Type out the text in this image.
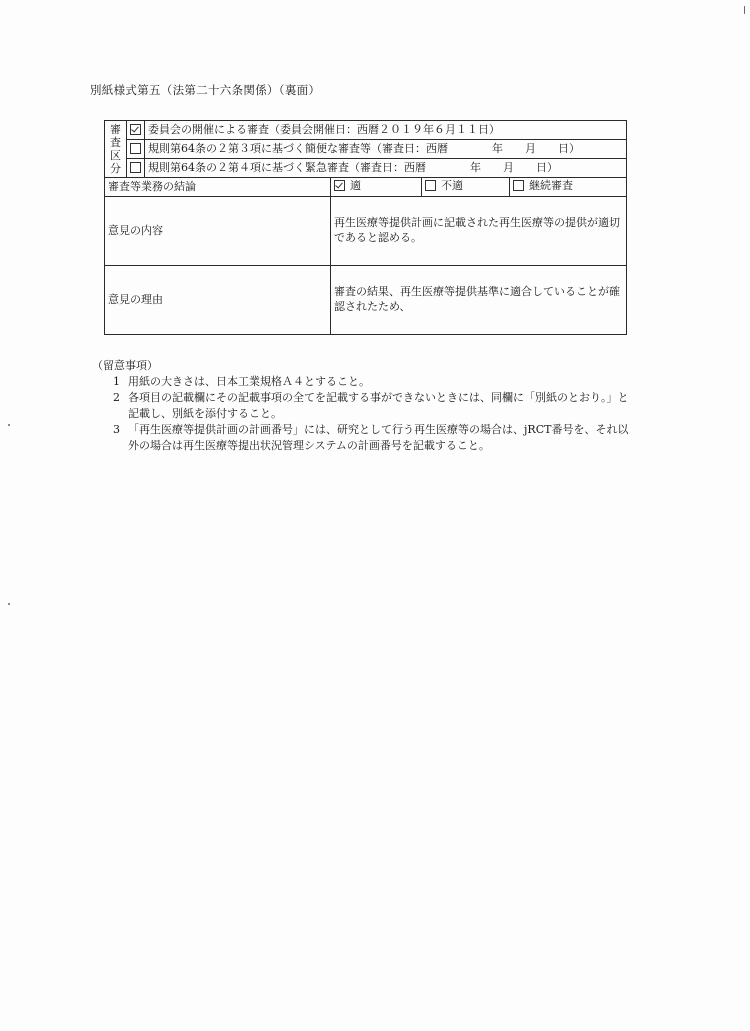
別紙様式第五（法第二十六条関係）（裏面）
審
査
区
分		委員会の開催による審査（委員会開催日：西暦２０１９年６月１１日）			
		規則第64条の２第３項に基づく簡便な審査等（審査日：西暦　　　　年　　月　　日）			
		規則第64条の２第４項に基づく緊急審査（審査日：西暦　　　　年　　月　　日）			
審査等業務の結論			適	不適	継続審査

意見の内容			再生医療等提供計画に記載された再生医療等の提供が適切であると認める。		
意見の理由			審査の結果、再生医療等提供基準に適合していることが確認されたため、		
（留意事項）
1 用紙の大きさは、日本工業規格Ａ４とすること。
2 各項目の記載欄にその記載事項の全てを記載する事ができないときには、同欄に「別紙のとおり。」と記載し、別紙を添付すること。
3 「再生医療等提供計画の計画番号」には、研究として行う再生医療等の場合は、jRCT番号を、それ以外の場合は再生医療等提出状況管理システムの計画番号を記載すること。
